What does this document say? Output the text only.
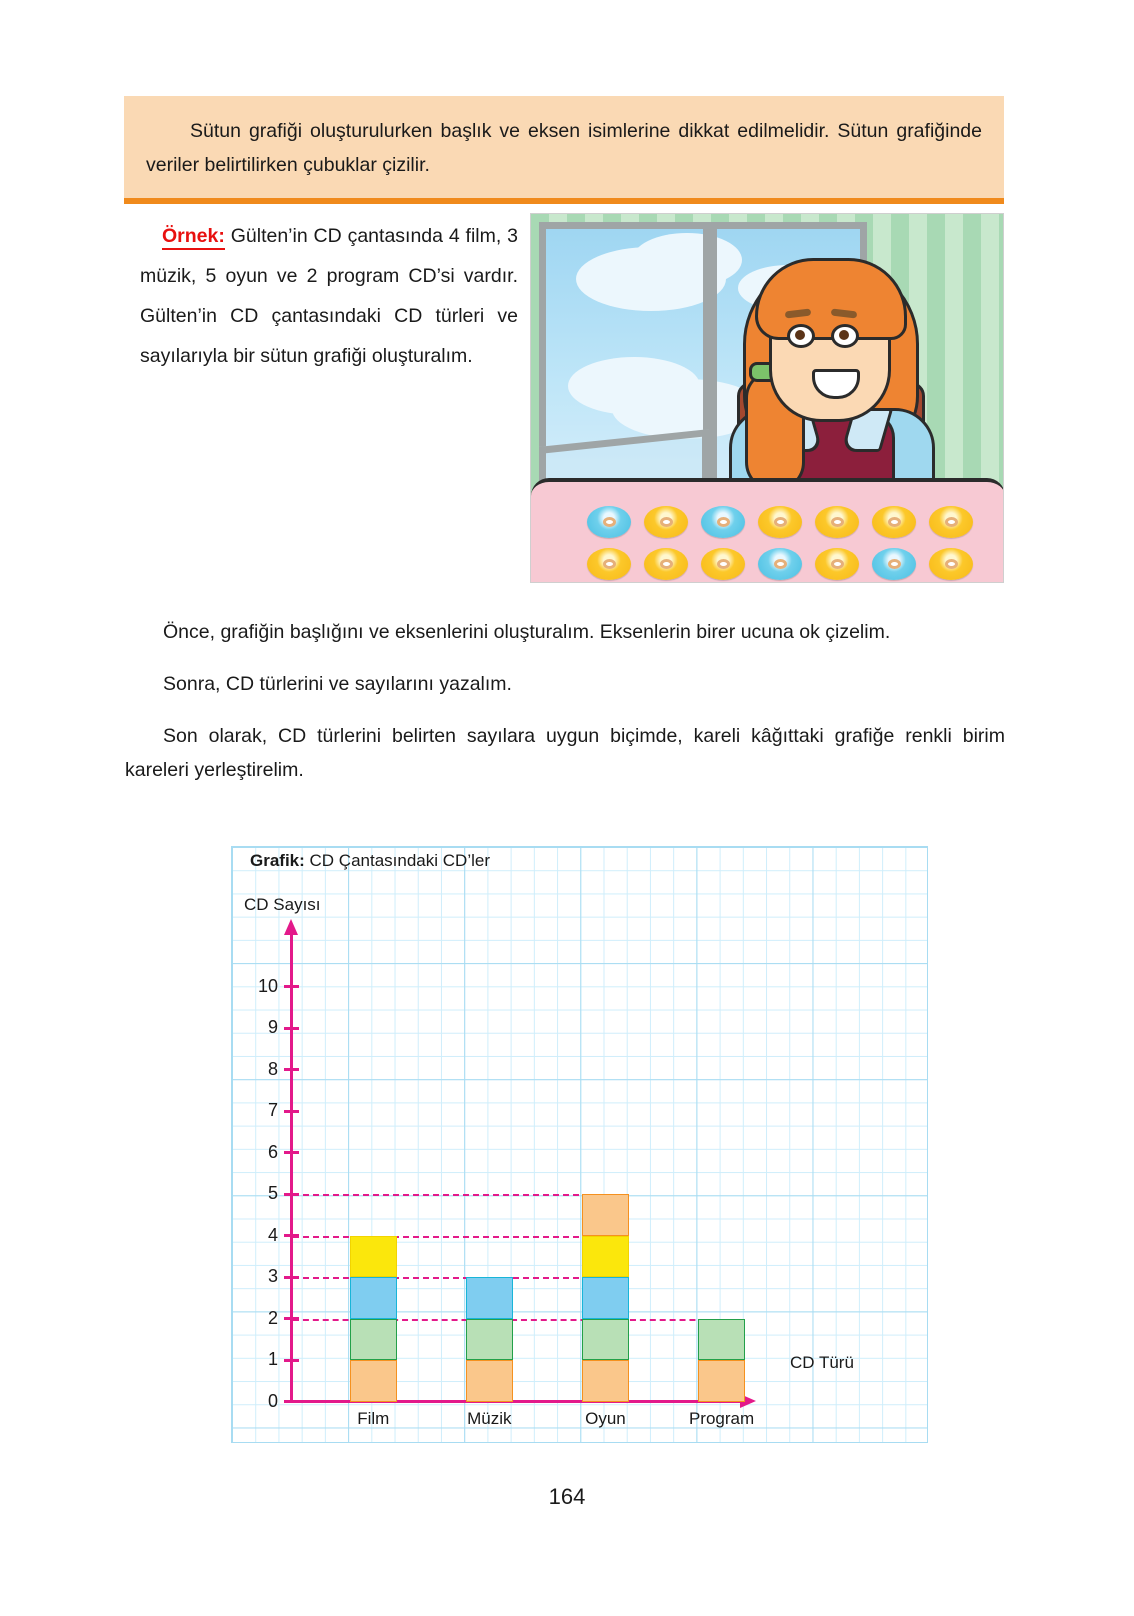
Sütun grafiği oluşturulurken başlık ve eksen isimlerine dikkat edilmelidir. Sütun grafiğinde veriler belirtilirken çubuklar çizilir.

Örnek: Gülten’in CD çantasında 4 film, 3 müzik, 5 oyun ve 2 program CD’si vardır. Gülten’in CD çantasındaki CD türleri ve sayılarıyla bir sütun grafiği oluşturalım.

Önce, grafiğin başlığını ve eksenlerini oluşturalım. Eksenlerin birer ucuna ok çizelim.

Sonra, CD türlerini ve sayılarını yazalım.

Son olarak, CD türlerini belirten sayılara uygun biçimde, kareli kâğıttaki grafiğe renkli birim kareleri yerleştirelim.

Grafik: CD Çantasındaki CD’ler
CD Sayısı
CD Türü
0
1
2
3
4
5
6
7
8
9
10
Film	Müzik	Oyun	Program
164
